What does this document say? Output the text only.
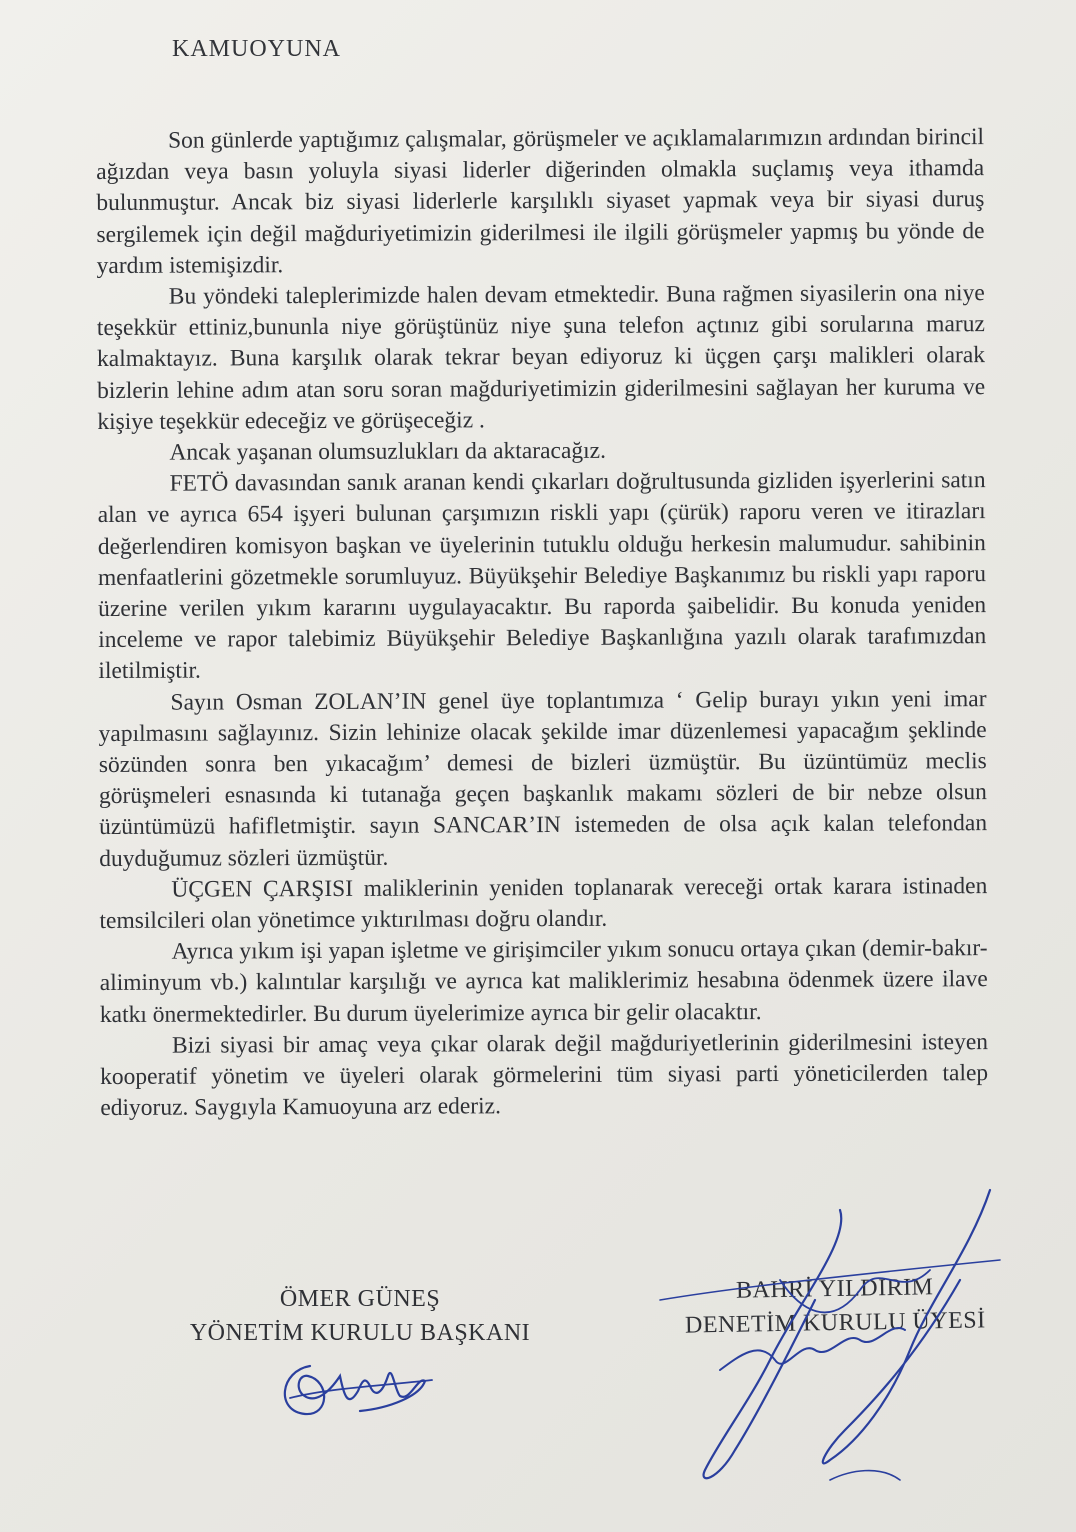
KAMUOYUNA

Son günlerde yaptığımız çalışmalar, görüşmeler ve açıklamalarımızın ardından birincil ağızdan veya basın yoluyla siyasi liderler diğerinden olmakla suçlamış veya ithamda bulunmuştur. Ancak biz siyasi liderlerle karşılıklı siyaset yapmak veya bir siyasi duruş sergilemek için değil mağduriyetimizin giderilmesi ile ilgili görüşmeler yapmış bu yönde de yardım istemişizdir.

Bu yöndeki taleplerimizde halen devam etmektedir. Buna rağmen siyasilerin ona niye teşekkür ettiniz,bununla niye görüştünüz niye şuna telefon açtınız gibi sorularına maruz kalmaktayız. Buna karşılık olarak tekrar beyan ediyoruz ki üçgen çarşı malikleri olarak bizlerin lehine adım atan soru soran mağduriyetimizin giderilmesini sağlayan her kuruma ve kişiye teşekkür edeceğiz ve görüşeceğiz .

Ancak yaşanan olumsuzlukları da aktaracağız.

FETÖ davasından sanık aranan kendi çıkarları doğrultusunda gizliden işyerlerini satın alan ve ayrıca 654 işyeri bulunan çarşımızın riskli yapı (çürük) raporu veren ve itirazları değerlendiren komisyon başkan ve üyelerinin tutuklu olduğu herkesin malumudur. sahibinin menfaatlerini gözetmekle sorumluyuz. Büyükşehir Belediye Başkanımız bu riskli yapı raporu üzerine verilen yıkım kararını uygulayacaktır. Bu raporda şaibelidir. Bu konuda yeniden inceleme ve rapor talebimiz Büyükşehir Belediye Başkanlığına yazılı olarak tarafımızdan iletilmiştir.

Sayın Osman ZOLAN’IN genel üye toplantımıza ‘ Gelip burayı yıkın yeni imar yapılmasını sağlayınız. Sizin lehinize olacak şekilde imar düzenlemesi yapacağım şeklinde sözünden sonra ben yıkacağım’ demesi de bizleri üzmüştür. Bu üzüntümüz meclis görüşmeleri esnasında ki tutanağa geçen başkanlık makamı sözleri de bir nebze olsun üzüntümüzü hafifletmiştir. sayın SANCAR’IN istemeden de olsa açık kalan telefondan duyduğumuz sözleri üzmüştür.

ÜÇGEN ÇARŞISI maliklerinin yeniden toplanarak vereceği ortak karara istinaden temsilcileri olan yönetimce yıktırılması doğru olandır.

Ayrıca yıkım işi yapan işletme ve girişimciler yıkım sonucu ortaya çıkan (demir-bakır-aliminyum vb.) kalıntılar karşılığı ve ayrıca kat maliklerimiz hesabına ödenmek üzere ilave katkı önermektedirler. Bu durum üyelerimize ayrıca bir gelir olacaktır.

Bizi siyasi bir amaç veya çıkar olarak değil mağduriyetlerinin giderilmesini isteyen kooperatif yönetim ve üyeleri olarak görmelerini tüm siyasi parti yöneticilerden talep ediyoruz. Saygıyla Kamuoyuna arz ederiz.

ÖMER GÜNEŞ
YÖNETİM KURULU BAŞKANI
BAHRİ YILDIRIM
DENETİM KURULU ÜYESİ
